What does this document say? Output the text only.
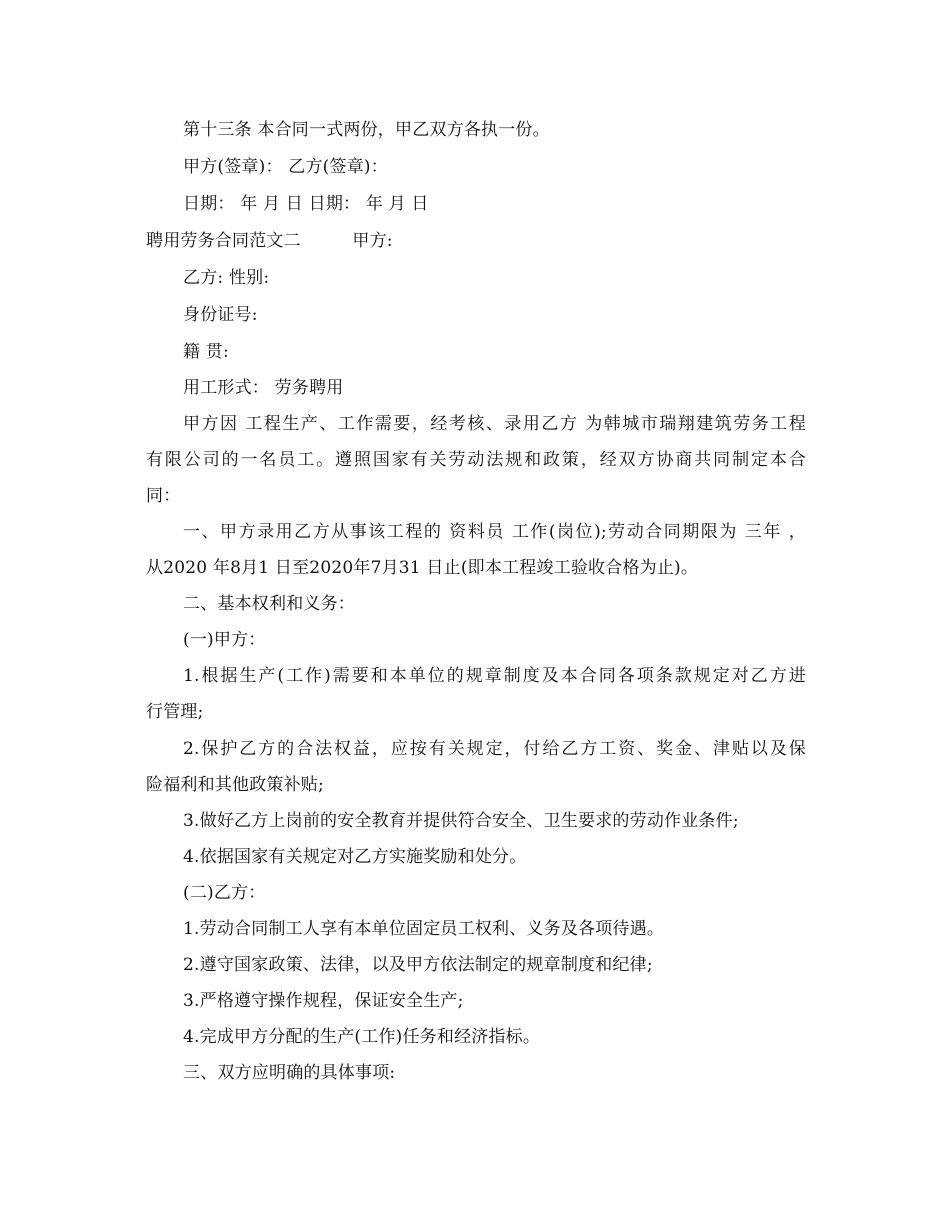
第十三条 本合同一式两份，甲乙双方各执一份。
甲方(签章)： 乙方(签章)：
日期： 年 月 日 日期： 年 月 日
聘用劳务合同范文二　　　甲方:
乙方: 性别:
身份证号:
籍 贯:
用工形式： 劳务聘用
甲方因 工程生产、工作需要，经考核、录用乙方 为韩城市瑞翔建筑劳务工程
有限公司的一名员工。遵照国家有关劳动法规和政策，经双方协商共同制定本合
同：
一、甲方录用乙方从事该工程的 资料员 工作(岗位);劳动合同期限为 三年 ，
从2020 年8月1 日至2020年7月31 日止(即本工程竣工验收合格为止)。
二、基本权利和义务：
(一)甲方：
1.根据生产(工作)需要和本单位的规章制度及本合同各项条款规定对乙方进
行管理;
2.保护乙方的合法权益，应按有关规定，付给乙方工资、奖金、津贴以及保
险福利和其他政策补贴;
3.做好乙方上岗前的安全教育并提供符合安全、卫生要求的劳动作业条件;
4.依据国家有关规定对乙方实施奖励和处分。
(二)乙方：
1.劳动合同制工人享有本单位固定员工权利、义务及各项待遇。
2.遵守国家政策、法律，以及甲方依法制定的规章制度和纪律;
3.严格遵守操作规程，保证安全生产;
4.完成甲方分配的生产(工作)任务和经济指标。
三、双方应明确的具体事项:
